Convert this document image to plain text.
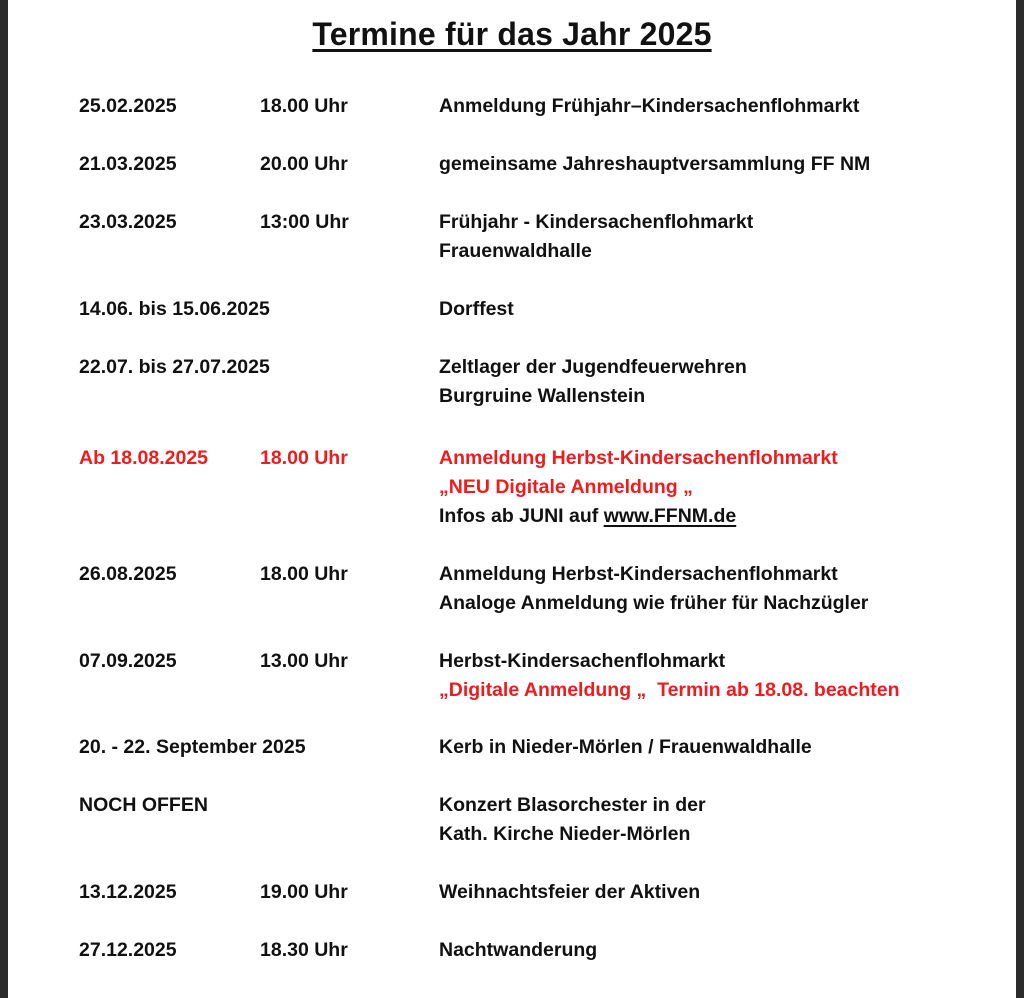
Termine für das Jahr 2025
25.02.2025	18.00 Uhr	Anmeldung Frühjahr–Kindersachenflohmarkt
21.03.2025	20.00 Uhr	gemeinsame Jahreshauptversammlung FF NM
23.03.2025	13:00 Uhr	Frühjahr - Kindersachenflohmarkt
Frauenwaldhalle
14.06. bis 15.06.2025	Dorffest
22.07. bis 27.07.2025	Zeltlager der Jugendfeuerwehren
Burgruine Wallenstein
Ab 18.08.2025	18.00 Uhr	Anmeldung Herbst-Kindersachenflohmarkt
„NEU Digitale Anmeldung „
Infos ab JUNI auf www.FFNM.de
26.08.2025	18.00 Uhr	Anmeldung Herbst-Kindersachenflohmarkt
Analoge Anmeldung wie früher für Nachzügler
07.09.2025	13.00 Uhr	Herbst-Kindersachenflohmarkt
„Digitale Anmeldung „  Termin ab 18.08. beachten
20. - 22. September 2025	Kerb in Nieder-Mörlen / Frauenwaldhalle
NOCH OFFEN	Konzert Blasorchester in der
Kath. Kirche Nieder-Mörlen
13.12.2025	19.00 Uhr	Weihnachtsfeier der Aktiven
27.12.2025	18.30 Uhr	Nachtwanderung
